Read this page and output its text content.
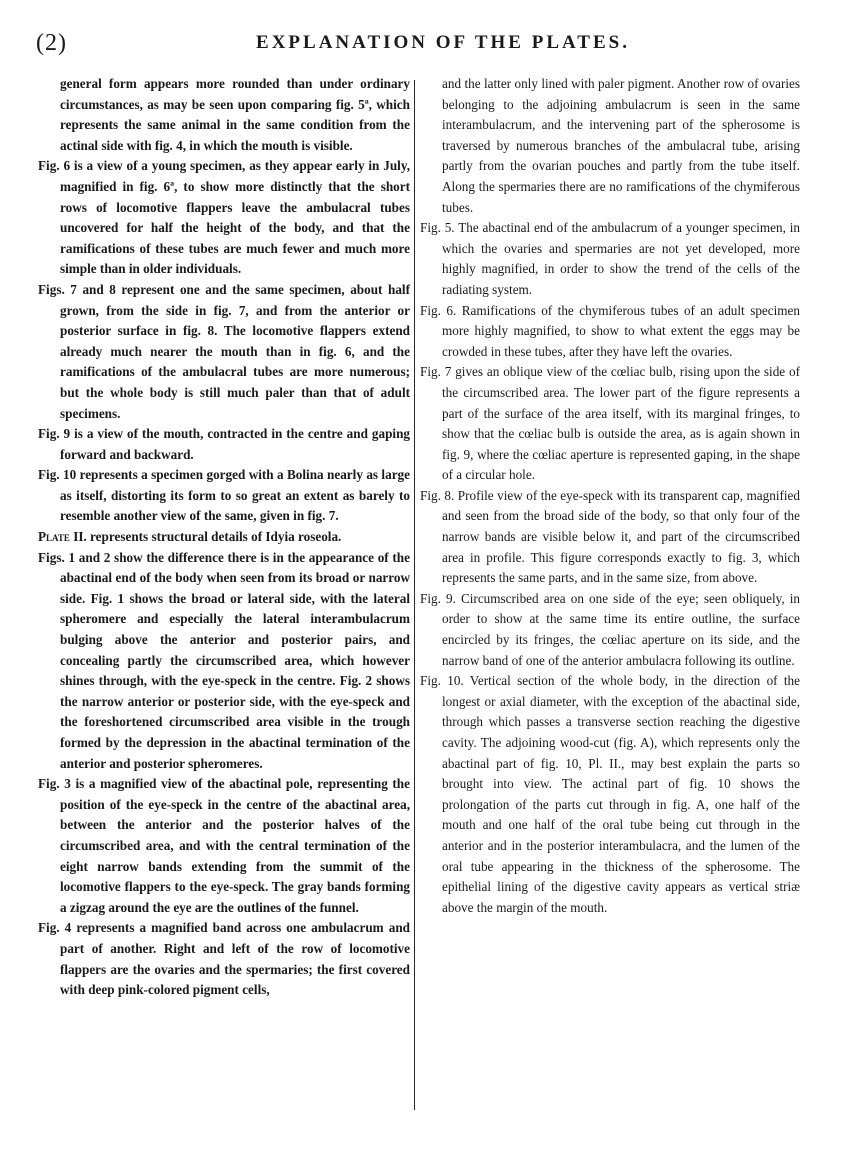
(2)	EXPLANATION OF THE PLATES.

general form appears more rounded than under ordinary circumstances, as may be seen upon comparing fig. 5ª, which represents the same animal in the same condition from the actinal side with fig. 4, in which the mouth is visible.

Fig. 6 is a view of a young specimen, as they appear early in July, magnified in fig. 6ª, to show more distinctly that the short rows of locomotive flappers leave the ambulacral tubes uncovered for half the height of the body, and that the ramifications of these tubes are much fewer and much more simple than in older individuals.

Figs. 7 and 8 represent one and the same specimen, about half grown, from the side in fig. 7, and from the anterior or posterior surface in fig. 8. The locomotive flappers extend already much nearer the mouth than in fig. 6, and the ramifications of the ambulacral tubes are more numerous; but the whole body is still much paler than that of adult specimens.

Fig. 9 is a view of the mouth, contracted in the centre and gaping forward and backward.

Fig. 10 represents a specimen gorged with a Bolina nearly as large as itself, distorting its form to so great an extent as barely to resemble another view of the same, given in fig. 7.

Plate II. represents structural details of Idyia roseola.

Figs. 1 and 2 show the difference there is in the appearance of the abactinal end of the body when seen from its broad or narrow side. Fig. 1 shows the broad or lateral side, with the lateral spheromere and especially the lateral interambulacrum bulging above the anterior and posterior pairs, and concealing partly the circumscribed area, which however shines through, with the eye-speck in the centre. Fig. 2 shows the narrow anterior or posterior side, with the eye-speck and the foreshortened circumscribed area visible in the trough formed by the depression in the abactinal termination of the anterior and posterior spheromeres.

Fig. 3 is a magnified view of the abactinal pole, representing the position of the eye-speck in the centre of the abactinal area, between the anterior and the posterior halves of the circumscribed area, and with the central termination of the eight narrow bands extending from the summit of the locomotive flappers to the eye-speck. The gray bands forming a zigzag around the eye are the outlines of the funnel.

Fig. 4 represents a magnified band across one ambulacrum and part of another. Right and left of the row of locomotive flappers are the ovaries and the spermaries; the first covered with deep pink-colored pigment cells,

and the latter only lined with paler pigment. Another row of ovaries belonging to the adjoining ambulacrum is seen in the same interambulacrum, and the intervening part of the spherosome is traversed by numerous branches of the ambulacral tube, arising partly from the ovarian pouches and partly from the tube itself. Along the spermaries there are no ramifications of the chymiferous tubes.

Fig. 5. The abactinal end of the ambulacrum of a younger specimen, in which the ovaries and spermaries are not yet developed, more highly magnified, in order to show the trend of the cells of the radiating system.

Fig. 6. Ramifications of the chymiferous tubes of an adult specimen more highly magnified, to show to what extent the eggs may be crowded in these tubes, after they have left the ovaries.

Fig. 7 gives an oblique view of the cœliac bulb, rising upon the side of the circumscribed area. The lower part of the figure represents a part of the surface of the area itself, with its marginal fringes, to show that the cœliac bulb is outside the area, as is again shown in fig. 9, where the cœliac aperture is represented gaping, in the shape of a circular hole.

Fig. 8. Profile view of the eye-speck with its transparent cap, magnified and seen from the broad side of the body, so that only four of the narrow bands are visible below it, and part of the circumscribed area in profile. This figure corresponds exactly to fig. 3, which represents the same parts, and in the same size, from above.

Fig. 9. Circumscribed area on one side of the eye; seen obliquely, in order to show at the same time its entire outline, the surface encircled by its fringes, the cœliac aperture on its side, and the narrow band of one of the anterior ambulacra following its outline.

Fig. 10. Vertical section of the whole body, in the direction of the longest or axial diameter, with the exception of the abactinal side, through which passes a transverse section reaching the digestive cavity. The adjoining wood-cut (fig. A), which represents only the abactinal part of fig. 10, Pl. II., may best explain the parts so brought into view. The actinal part of fig. 10 shows the prolongation of the parts cut through in fig. A, one half of the mouth and one half of the oral tube being cut through in the anterior and in the posterior interambulacra, and the lumen of the oral tube appearing in the thickness of the spherosome. The epithelial lining of the digestive cavity appears as vertical striæ above the margin of the mouth.
